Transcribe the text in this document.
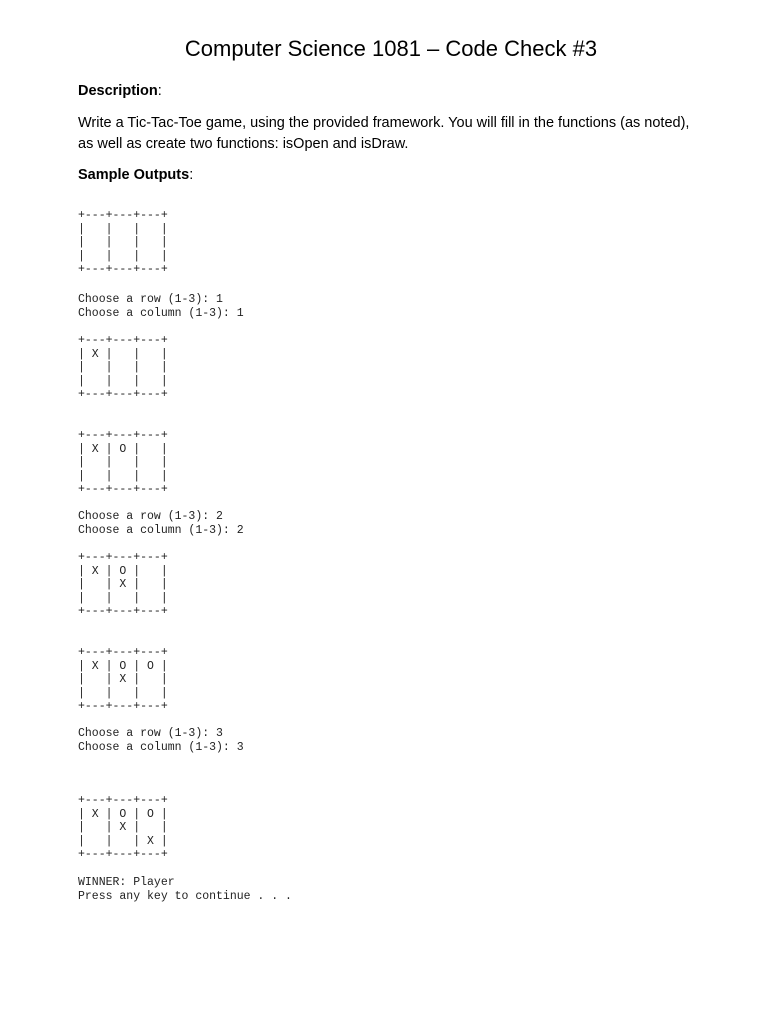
Computer Science 1081 – Code Check #3

Description:

Write a Tic-Tac-Toe game, using the provided framework. You will fill in the functions (as noted), as well as create two functions: isOpen and isDraw.

Sample Outputs:

+---+---+---+
|   |   |   |
|   |   |   |
|   |   |   |
+---+---+---+
Choose a row (1-3): 1
Choose a column (1-3): 1
+---+---+---+
| X |   |   |
|   |   |   |
|   |   |   |
+---+---+---+
+---+---+---+
| X | O |   |
|   |   |   |
|   |   |   |
+---+---+---+
Choose a row (1-3): 2
Choose a column (1-3): 2
+---+---+---+
| X | O |   |
|   | X |   |
|   |   |   |
+---+---+---+
+---+---+---+
| X | O | O |
|   | X |   |
|   |   |   |
+---+---+---+
Choose a row (1-3): 3
Choose a column (1-3): 3
+---+---+---+
| X | O | O |
|   | X |   |
|   |   | X |
+---+---+---+
WINNER: Player
Press any key to continue . . .
